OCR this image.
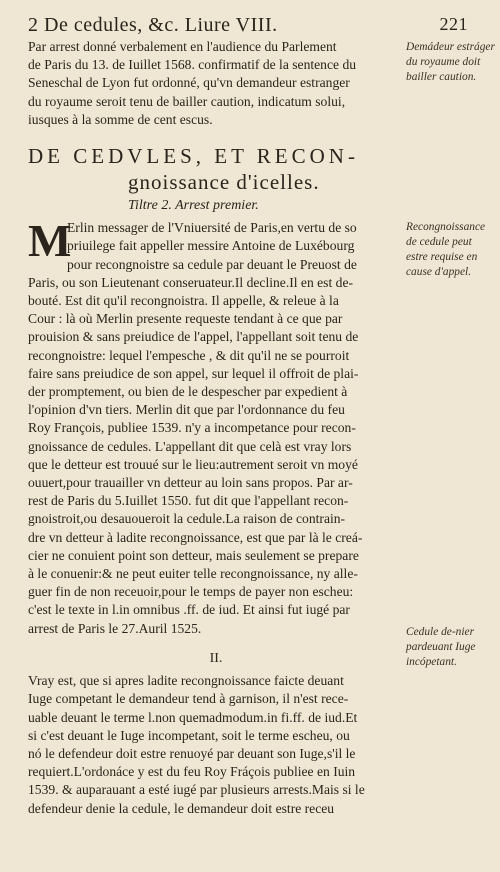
2 De cedules, &c. Liure VIII.	221

Par arrest donné verbalement en l'audience du Parlement

de Paris du 13. de Iuillet 1568. confirmatif de la sentence du

Seneschal de Lyon fut ordonné, qu'vn demandeur estranger

du royaume seroit tenu de bailler caution, indicatum solui,

iusques à la somme de cent escus.

DE CEDVLES, ET RECON-
gnoissance d'icelles.
Tiltre 2. Arrest premier.
M

Erlin messager de l'Vniuersité de Paris,en vertu de so

priuilege fait appeller messire Antoine de Luxébourg

pour recongnoistre sa cedule par deuant le Preuost de

Paris, ou son Lieutenant conseruateur.Il decline.Il en est de-

bouté. Est dit qu'il recongnoistra. Il appelle, & releue à la

Cour : là où Merlin presente requeste tendant à ce que par

prouision & sans preiudice de l'appel, l'appellant soit tenu de

recongnoistre: lequel l'empesche , & dit qu'il ne se pourroit

faire sans preiudice de son appel, sur lequel il offroit de plai-

der promptement, ou bien de le despescher par expedient à

l'opinion d'vn tiers. Merlin dit que par l'ordonnance du feu

Roy François, publiee 1539. n'y a incompetance pour recon-

gnoissance de cedules. L'appellant dit que celà est vray lors

que le detteur est trouué sur le lieu:autrement seroit vn moyé

ouuert,pour trauailler vn detteur au loin sans propos. Par ar-

rest de Paris du 5.Iuillet 1550. fut dit que l'appellant recon-

gnoistroit,ou desauoueroit la cedule.La raison de contrain-

dre vn detteur à ladite recongnoissance, est que par là le creá-

cier ne conuient point son detteur, mais seulement se prepare

à le conuenir:& ne peut euiter telle recongnoissance, ny alle-

guer fin de non receuoir,pour le temps de payer non escheu:

c'est le texte in l.in omnibus .ff. de iud. Et ainsi fut iugé par

arrest de Paris le 27.Auril 1525.

II.

Vray est, que si apres ladite recongnoissance faicte deuant

Iuge competant le demandeur tend à garnison, il n'est rece-

uable deuant le terme l.non quemadmodum.in fi.ff. de iud.Et

si c'est deuant le Iuge incompetant, soit le terme escheu, ou

nó le defendeur doit estre renuoyé par deuant son Iuge,s'il le

requiert.L'ordonáce y est du feu Roy Fráçois publiee en Iuin

1539. & auparauant a esté iugé par plusieurs arrests.Mais si le

defendeur denie la cedule, le demandeur doit estre receu

Demádeur estráger du royaume doit bailler caution.
Recongnoissance de cedule peut estre requise en cause d'appel.
Cedule de-nier pardeuant Iuge incópetant.
